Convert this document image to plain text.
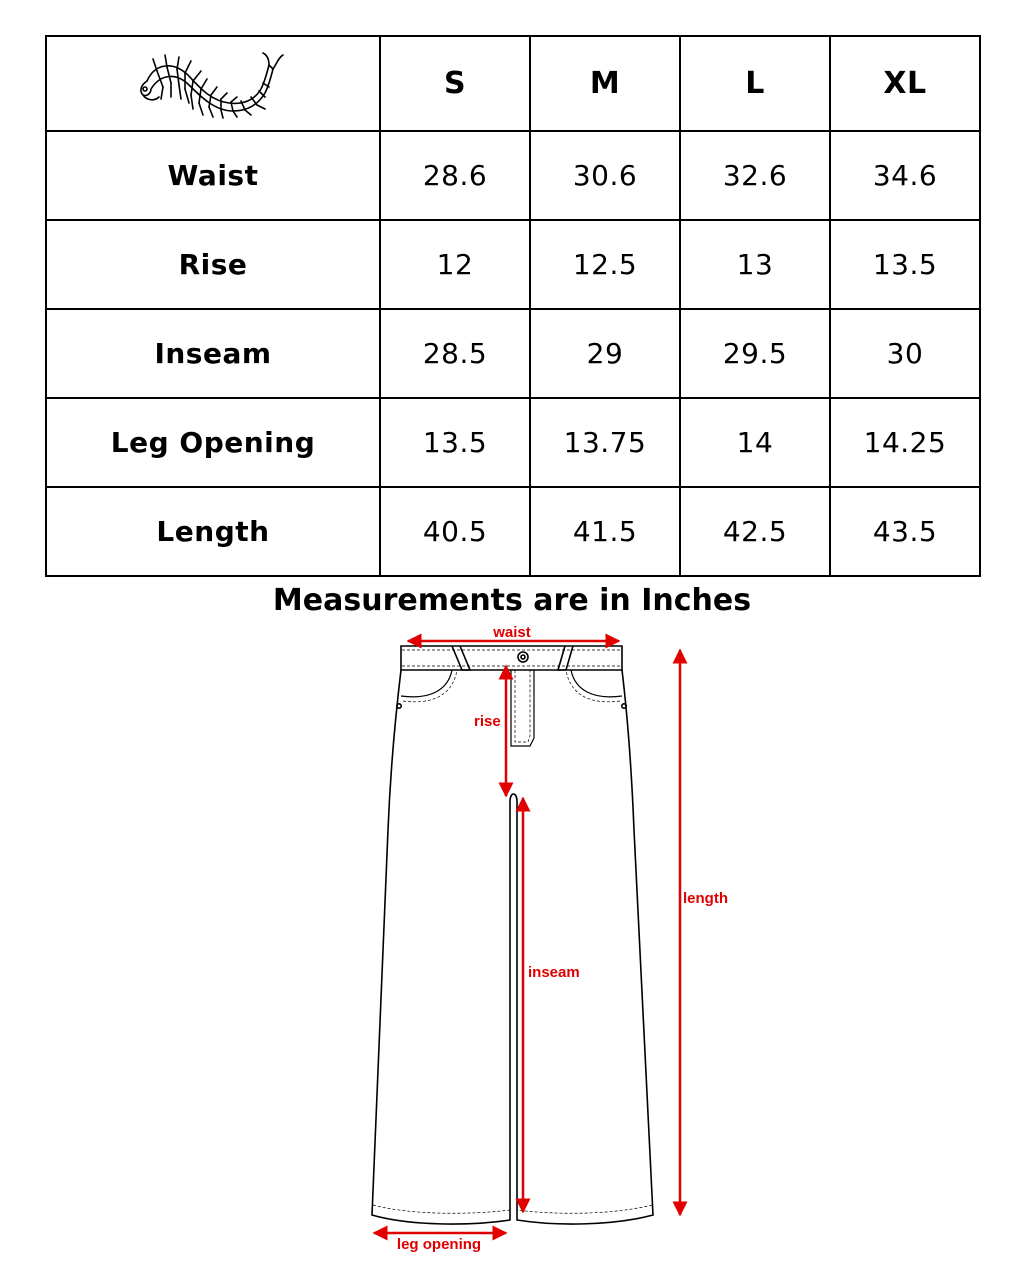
	S	M	L	XL
Waist	28.6	30.6	32.6	34.6
Rise	12	12.5	13	13.5
Inseam	28.5	29	29.5	30
Leg Opening	13.5	13.75	14	14.25
Length	40.5	41.5	42.5	43.5

Measurements are in Inches

waist
rise
inseam
length
leg opening
